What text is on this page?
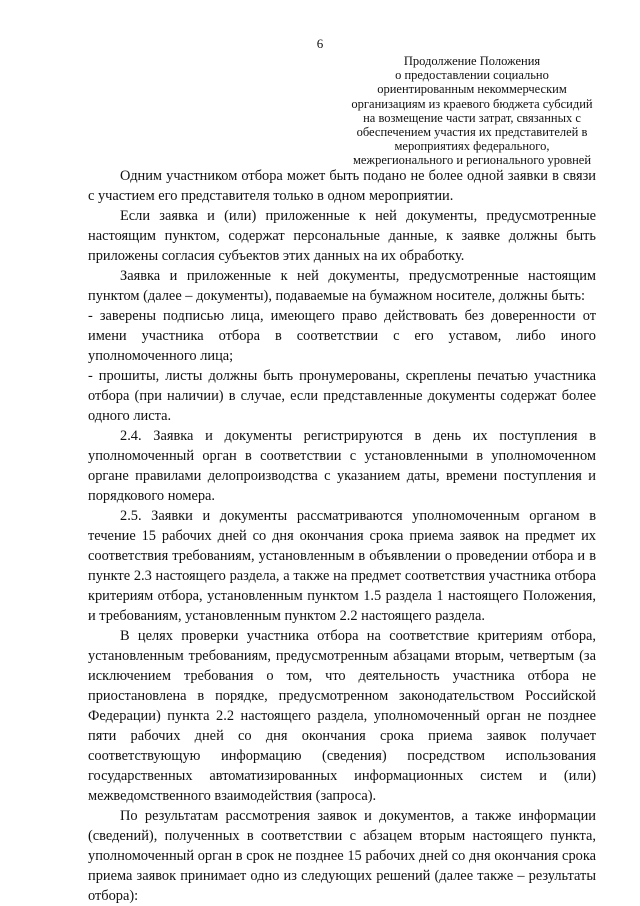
6
Продолжение Положения
о предоставлении социально
ориентированным некоммерческим
организациям из краевого бюджета субсидий
на возмещение части затрат, связанных с
обеспечением участия их представителей в
мероприятиях федерального,
межрегионального и регионального уровней

Одним участником отбора может быть подано не более одной заявки в связи с участием его представителя только в одном мероприятии.

Если заявка и (или) приложенные к ней документы, предусмотренные настоящим пунктом, содержат персональные данные, к заявке должны быть приложены согласия субъектов этих данных на их обработку.

Заявка и приложенные к ней документы, предусмотренные настоящим пунктом (далее – документы), подаваемые на бумажном носителе, должны быть:

- заверены подписью лица, имеющего право действовать без доверенности от имени участника отбора в соответствии с его уставом, либо иного уполномоченного лица;

- прошиты, листы должны быть пронумерованы, скреплены печатью участника отбора (при наличии) в случае, если представленные документы содержат более одного листа.

2.4. Заявка и документы регистрируются в день их поступления в уполномоченный орган в соответствии с установленными в уполномоченном органе правилами делопроизводства с указанием даты, времени поступления и порядкового номера.

2.5. Заявки и документы рассматриваются уполномоченным органом в течение 15 рабочих дней со дня окончания срока приема заявок на предмет их соответствия требованиям, установленным в объявлении о проведении отбора и в пункте 2.3 настоящего раздела, а также на предмет соответствия участника отбора критериям отбора, установленным пунктом 1.5 раздела 1 настоящего Положения, и требованиям, установленным пунктом 2.2 настоящего раздела.

В целях проверки участника отбора на соответствие критериям отбора, установленным требованиям, предусмотренным абзацами вторым, четвертым (за исключением требования о том, что деятельность участника отбора не приостановлена в порядке, предусмотренном законодательством Российской Федерации) пункта 2.2 настоящего раздела, уполномоченный орган не позднее пяти рабочих дней со дня окончания срока приема заявок получает соответствующую информацию (сведения) посредством использования государственных автоматизированных информационных систем и (или) межведомственного взаимодействия (запроса).

По результатам рассмотрения заявок и документов, а также информации (сведений), полученных в соответствии с абзацем вторым настоящего пункта, уполномоченный орган в срок не позднее 15 рабочих дней со дня окончания срока приема заявок принимает одно из следующих решений (далее также – результаты отбора):
